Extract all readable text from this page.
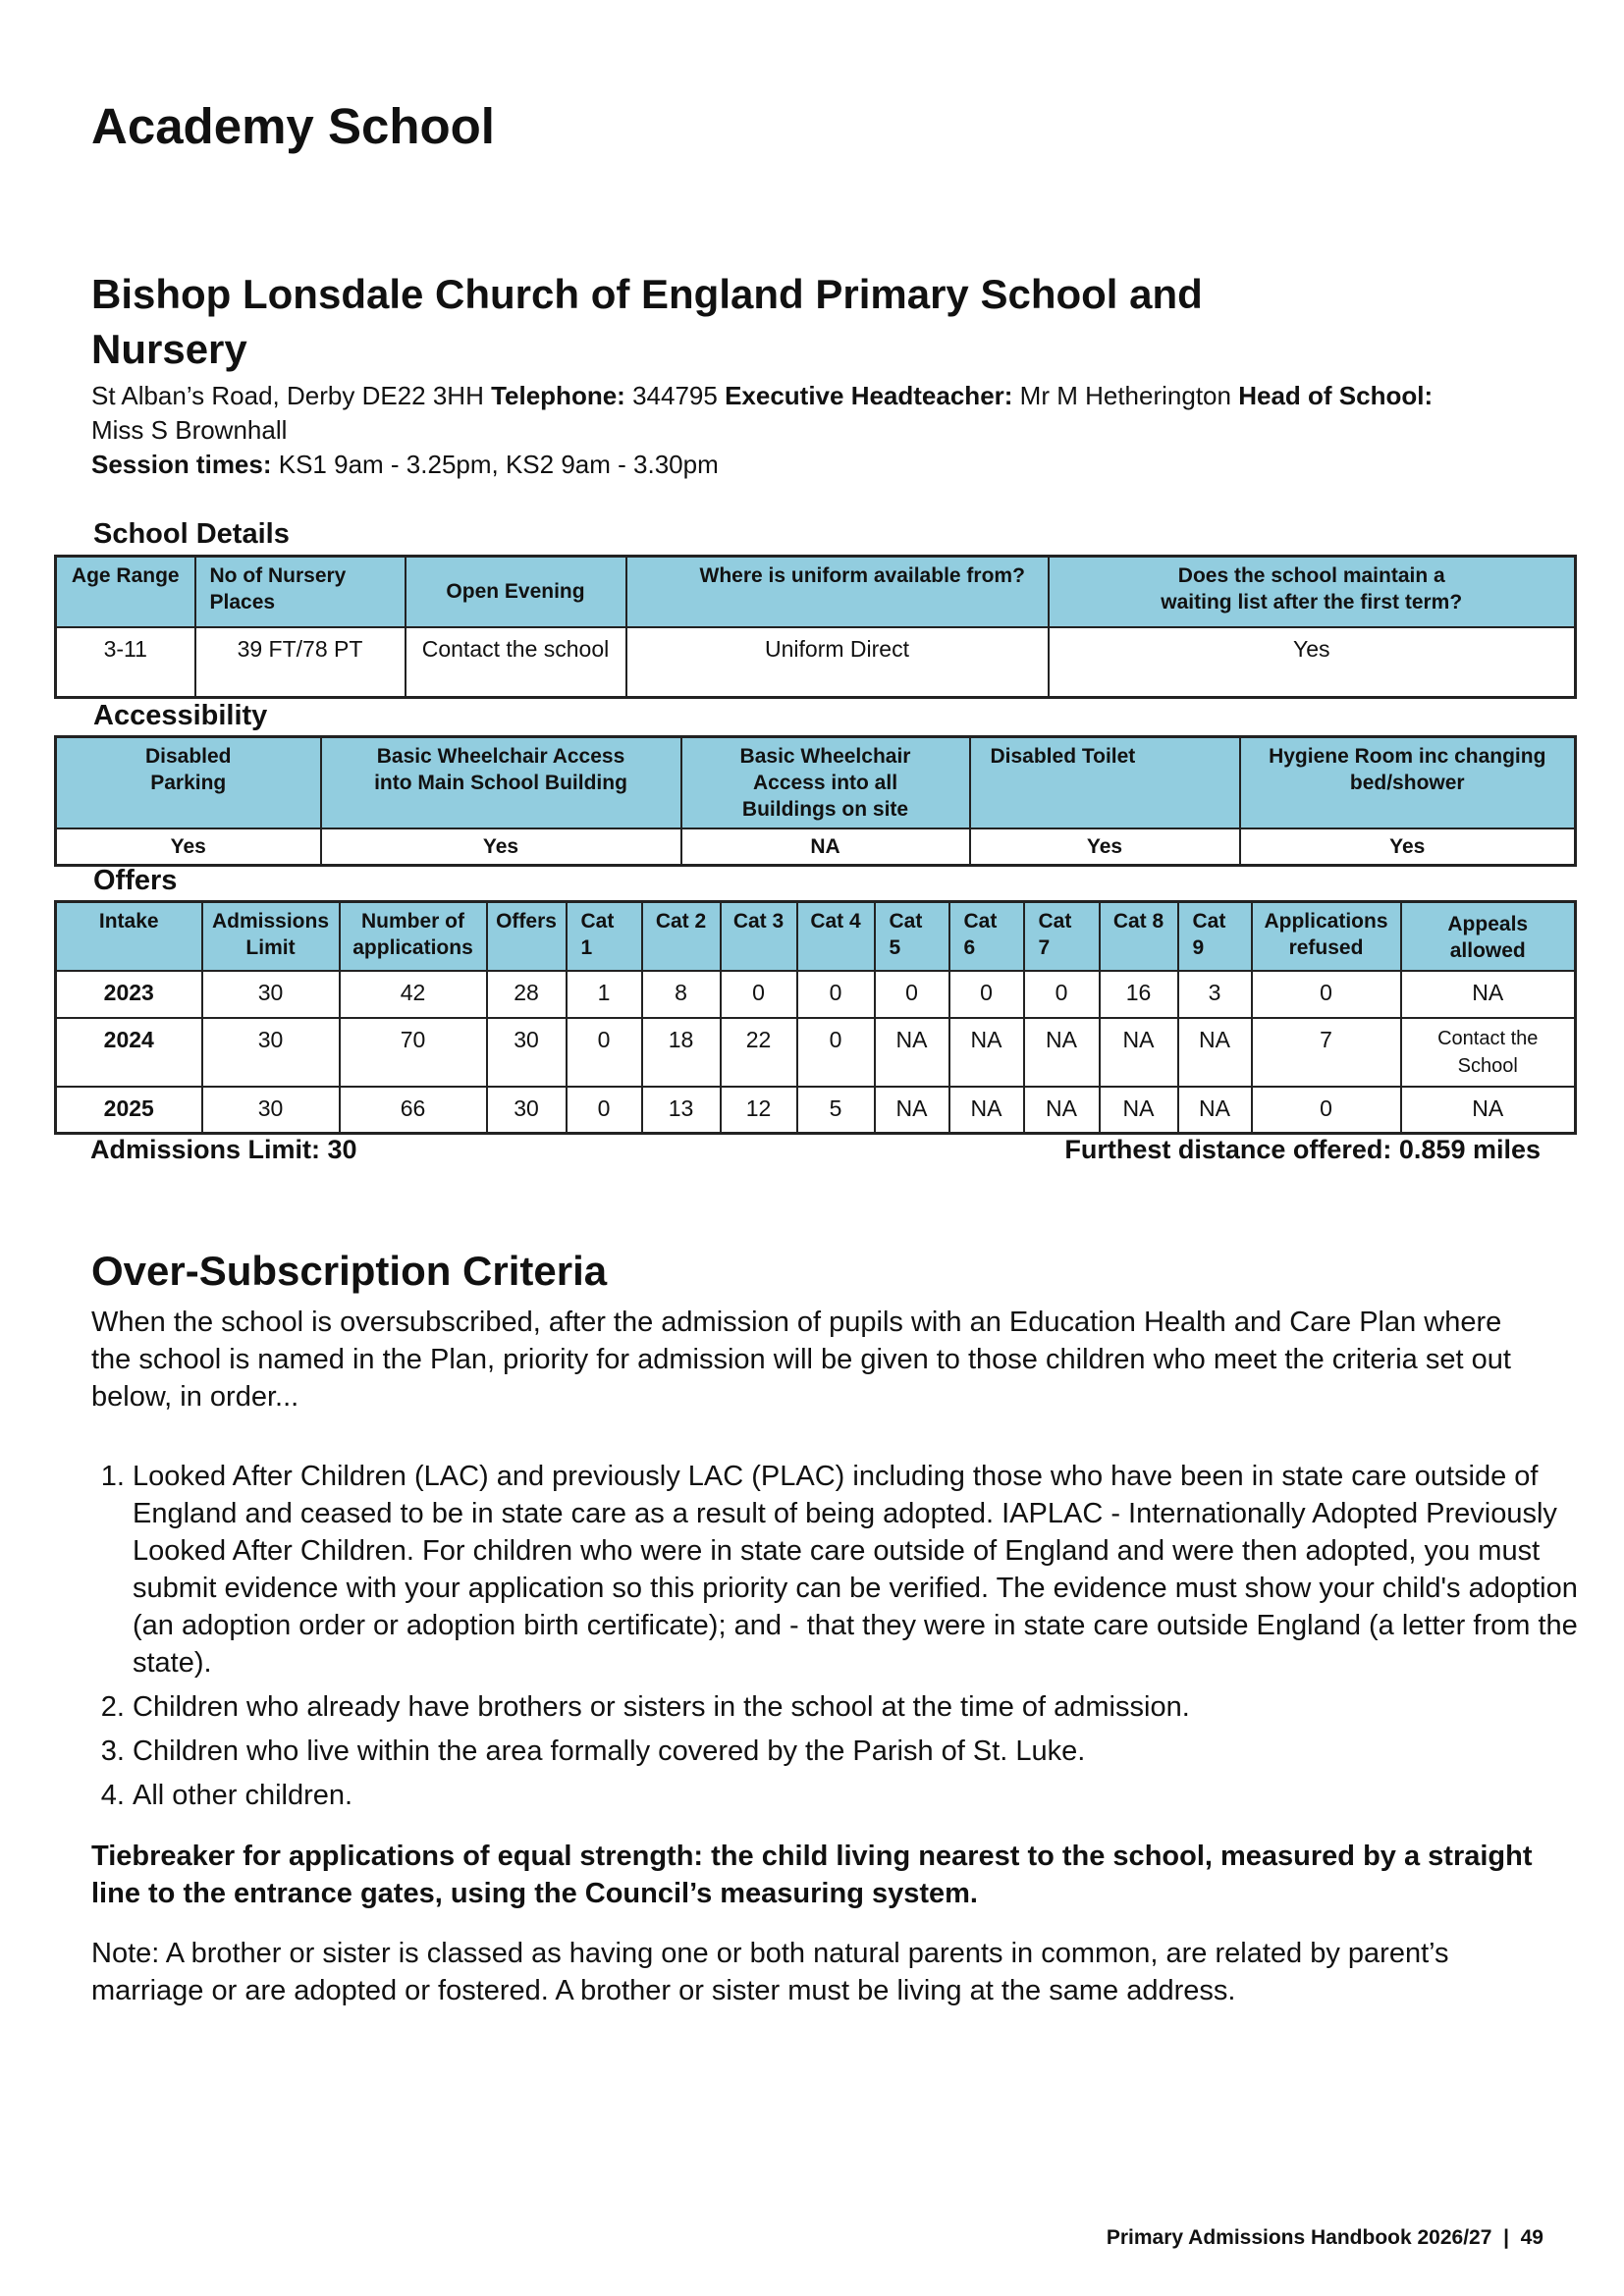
Academy School
Bishop Lonsdale Church of England Primary School and Nursery
St Alban’s Road, Derby DE22 3HH Telephone: 344795 Executive Headteacher: Mr M Hetherington Head of School: Miss S Brownhall
Session times: KS1 9am - 3.25pm, KS2 9am - 3.30pm
School Details
Age Range	No of Nursery Places	Open Evening	Where is uniform available from?	Does the school maintain a waiting list after the first term?
3-11	39 FT/78 PT	Contact the school	Uniform Direct	Yes
Accessibility
Disabled Parking	Basic Wheelchair Access into Main School Building	Basic Wheelchair Access into all Buildings on site	Disabled Toilet	Hygiene Room inc changing bed/shower
Yes	Yes	NA	Yes	Yes
Offers
Intake	Admissions Limit	Number of applications	Offers	Cat 1	Cat 2	Cat 3	Cat 4	Cat 5	Cat 6	Cat 7	Cat 8	Cat 9	Applications refused	Appeals allowed
2023	30	42	28	1	8	0	0	0	0	0	16	3	0	NA
2024	30	70	30	0	18	22	0	NA	NA	NA	NA	NA	7	Contact the School
2025	30	66	30	0	13	12	5	NA	NA	NA	NA	NA	0	NA
Admissions Limit: 30	Furthest distance offered: 0.859 miles
Over-Subscription Criteria

When the school is oversubscribed, after the admission of pupils with an Education Health and Care Plan where the school is named in the Plan, priority for admission will be given to those children who meet the criteria set out below, in order...

1. Looked After Children (LAC) and previously LAC (PLAC) including those who have been in state care outside of England and ceased to be in state care as a result of being adopted. IAPLAC - Internationally Adopted Previously Looked After Children. For children who were in state care outside of England and were then adopted, you must submit evidence with your application so this priority can be verified. The evidence must show your child's adoption (an adoption order or adoption birth certificate); and - that they were in state care outside England (a letter from the state).
2. Children who already have brothers or sisters in the school at the time of admission.
3. Children who live within the area formally covered by the Parish of St. Luke.
4. All other children.

Tiebreaker for applications of equal strength: the child living nearest to the school, measured by a straight line to the entrance gates, using the Council’s measuring system.

Note: A brother or sister is classed as having one or both natural parents in common, are related by parent’s marriage or are adopted or fostered. A brother or sister must be living at the same address.

Primary Admissions Handbook 2026/27  |  49
